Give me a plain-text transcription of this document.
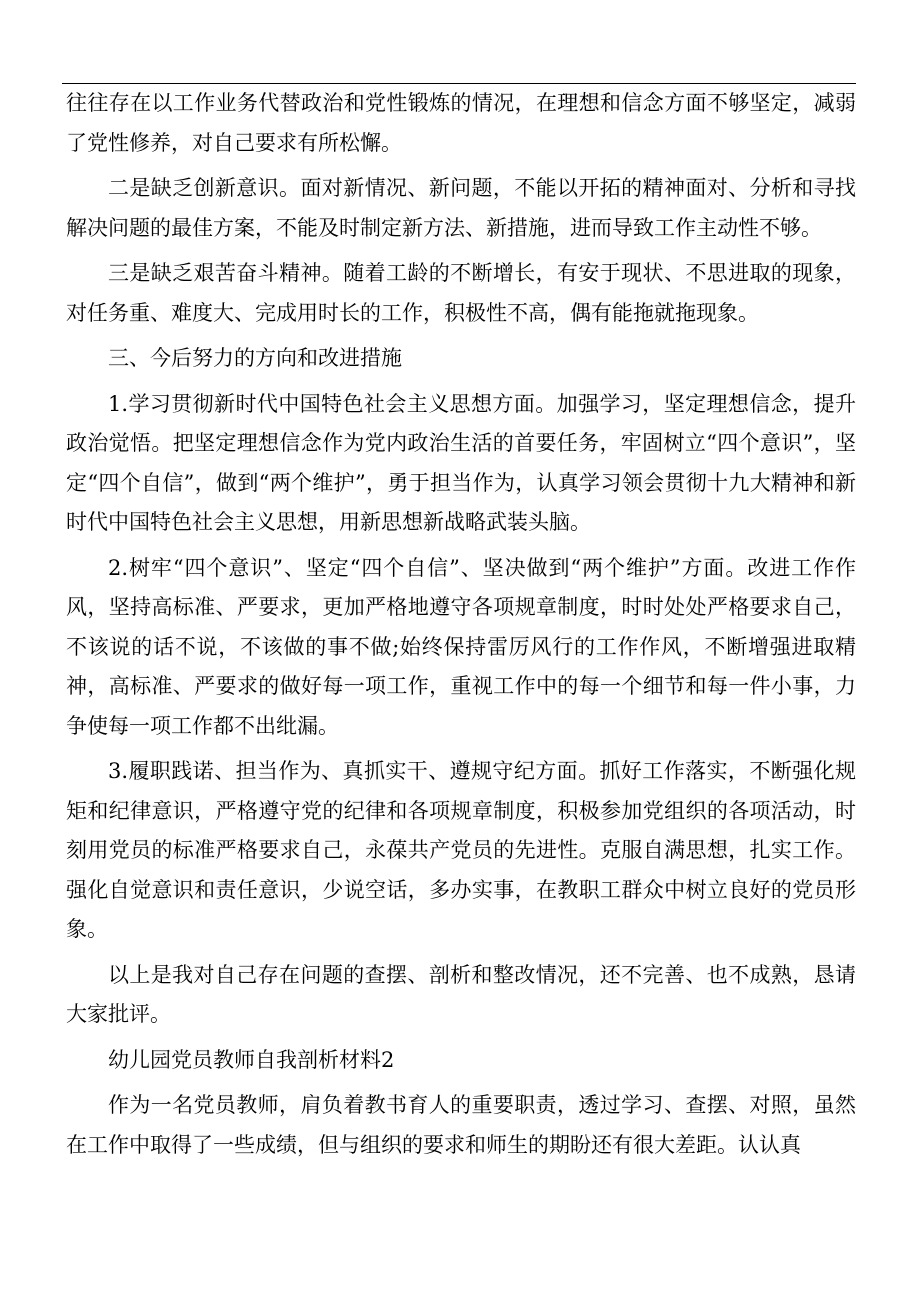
往往存在以工作业务代替政治和党性锻炼的情况，在理想和信念方面不够坚定，减弱了党性修养，对自己要求有所松懈。

二是缺乏创新意识。面对新情况、新问题，不能以开拓的精神面对、分析和寻找解决问题的最佳方案，不能及时制定新方法、新措施，进而导致工作主动性不够。

三是缺乏艰苦奋斗精神。随着工龄的不断增长，有安于现状、不思进取的现象，对任务重、难度大、完成用时长的工作，积极性不高，偶有能拖就拖现象。

三、今后努力的方向和改进措施

1.学习贯彻新时代中国特色社会主义思想方面。加强学习，坚定理想信念，提升政治觉悟。把坚定理想信念作为党内政治生活的首要任务，牢固树立“四个意识”，坚定“四个自信”，做到“两个维护”，勇于担当作为，认真学习领会贯彻十九大精神和新时代中国特色社会主义思想，用新思想新战略武装头脑。

2.树牢“四个意识”、坚定“四个自信”、坚决做到“两个维护”方面。改进工作作风，坚持高标准、严要求，更加严格地遵守各项规章制度，时时处处严格要求自己，不该说的话不说，不该做的事不做;始终保持雷厉风行的工作作风，不断增强进取精神，高标准、严要求的做好每一项工作，重视工作中的每一个细节和每一件小事，力争使每一项工作都不出纰漏。

3.履职践诺、担当作为、真抓实干、遵规守纪方面。抓好工作落实，不断强化规矩和纪律意识，严格遵守党的纪律和各项规章制度，积极参加党组织的各项活动，时刻用党员的标准严格要求自己，永葆共产党员的先进性。克服自满思想，扎实工作。强化自觉意识和责任意识，少说空话，多办实事，在教职工群众中树立良好的党员形象。

以上是我对自己存在问题的查摆、剖析和整改情况，还不完善、也不成熟，恳请大家批评。

幼儿园党员教师自我剖析材料2

作为一名党员教师，肩负着教书育人的重要职责，透过学习、查摆、对照，虽然在工作中取得了一些成绩，但与组织的要求和师生的期盼还有很大差距。认认真
